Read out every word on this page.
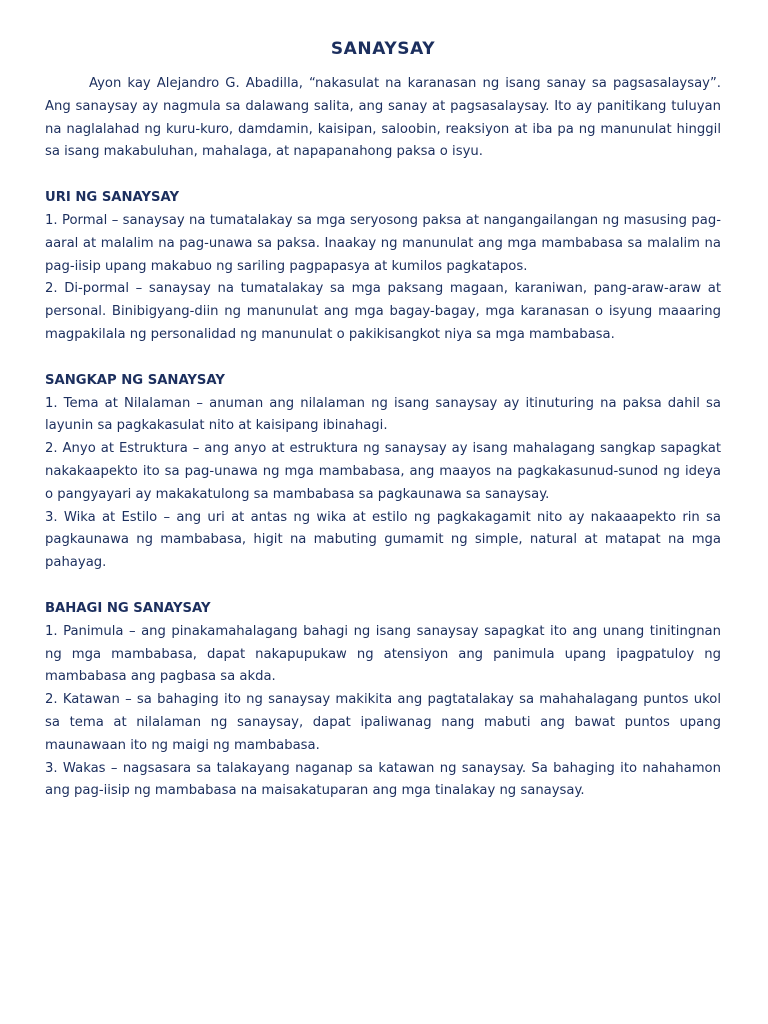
SANAYSAY

Ayon kay Alejandro G. Abadilla, “nakasulat na karanasan ng isang sanay sa pagsasalaysay”. Ang sanaysay ay nagmula sa dalawang salita, ang sanay at pagsasalaysay. Ito ay panitikang tuluyan na naglalahad ng kuru-kuro, damdamin, kaisipan, saloobin, reaksiyon at iba pa ng manunulat hinggil sa isang makabuluhan, mahalaga, at napapanahong paksa o isyu.

URI NG SANAYSAY

1. Pormal – sanaysay na tumatalakay sa mga seryosong paksa at nangangailangan ng masusing pag-aaral at malalim na pag-unawa sa paksa. Inaakay ng manunulat ang mga mambabasa sa malalim na pag-iisip upang makabuo ng sariling pagpapasya at kumilos pagkatapos.

2. Di-pormal – sanaysay na tumatalakay sa mga paksang magaan, karaniwan, pang-araw-araw at personal. Binibigyang-diin ng manunulat ang mga bagay-bagay, mga karanasan o isyung maaaring magpakilala ng personalidad ng manunulat o pakikisangkot niya sa mga mambabasa.

SANGKAP NG SANAYSAY

1. Tema at Nilalaman – anuman ang nilalaman ng isang sanaysay ay itinuturing na paksa dahil sa layunin sa pagkakasulat nito at kaisipang ibinahagi.

2. Anyo at Estruktura – ang anyo at estruktura ng sanaysay ay isang mahalagang sangkap sapagkat nakakaapekto ito sa pag-unawa ng mga mambabasa, ang maayos na pagkakasunud-sunod ng ideya o pangyayari ay makakatulong sa mambabasa sa pagkaunawa sa sanaysay.

3. Wika at Estilo – ang uri at antas ng wika at estilo ng pagkakagamit nito ay nakaaapekto rin sa pagkaunawa ng mambabasa, higit na mabuting gumamit ng simple, natural at matapat na mga pahayag.

BAHAGI NG SANAYSAY

1. Panimula – ang pinakamahalagang bahagi ng isang sanaysay sapagkat ito ang unang tinitingnan ng mga mambabasa, dapat nakapupukaw ng atensiyon ang panimula upang ipagpatuloy ng mambabasa ang pagbasa sa akda.

2. Katawan – sa bahaging ito ng sanaysay makikita ang pagtatalakay sa mahahalagang puntos ukol sa tema at nilalaman ng sanaysay, dapat ipaliwanag nang mabuti ang bawat puntos upang maunawaan ito ng maigi ng mambabasa.

3. Wakas – nagsasara sa talakayang naganap sa katawan ng sanaysay. Sa bahaging ito nahahamon ang pag-iisip ng mambabasa na maisakatuparan ang mga tinalakay ng sanaysay.
